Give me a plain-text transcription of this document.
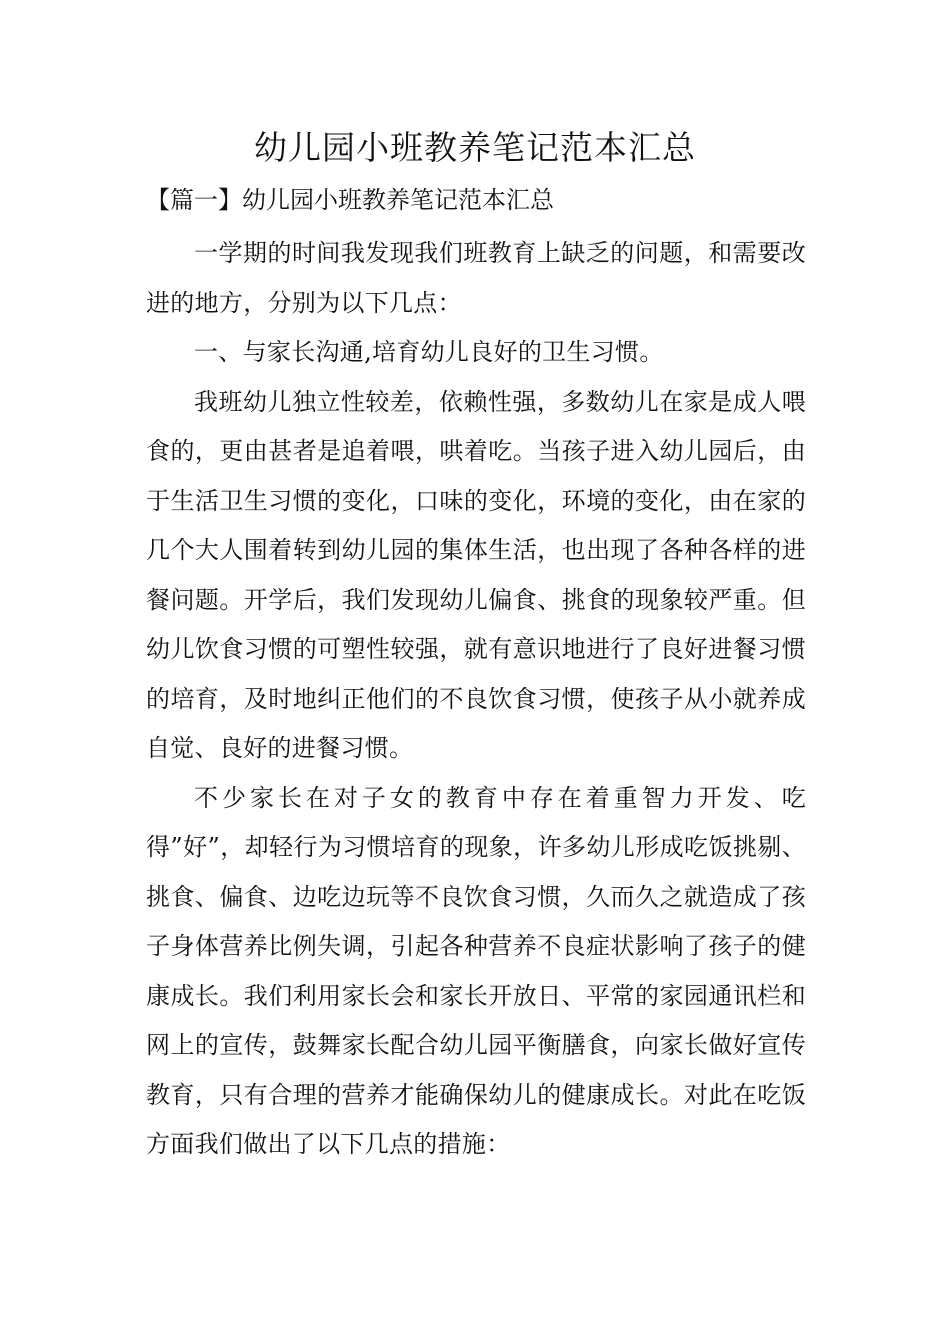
幼儿园小班教养笔记范本汇总

【篇一】幼儿园小班教养笔记范本汇总

一学期的时间我发现我们班教育上缺乏的问题，和需要改进的地方，分别为以下几点：

一、与家长沟通,培育幼儿良好的卫生习惯。

我班幼儿独立性较差，依赖性强，多数幼儿在家是成人喂食的，更由甚者是追着喂，哄着吃。当孩子进入幼儿园后，由于生活卫生习惯的变化，口味的变化，环境的变化，由在家的几个大人围着转到幼儿园的集体生活，也出现了各种各样的进餐问题。开学后，我们发现幼儿偏食、挑食的现象较严重。但幼儿饮食习惯的可塑性较强，就有意识地进行了良好进餐习惯的培育，及时地纠正他们的不良饮食习惯，使孩子从小就养成自觉、良好的进餐习惯。

不少家长在对子女的教育中存在着重智力开发、吃得”好”，却轻行为习惯培育的现象，许多幼儿形成吃饭挑剔、挑食、偏食、边吃边玩等不良饮食习惯，久而久之就造成了孩子身体营养比例失调，引起各种营养不良症状影响了孩子的健康成长。我们利用家长会和家长开放日、平常的家园通讯栏和网上的宣传，鼓舞家长配合幼儿园平衡膳食，向家长做好宣传教育，只有合理的营养才能确保幼儿的健康成长。对此在吃饭方面我们做出了以下几点的措施：
